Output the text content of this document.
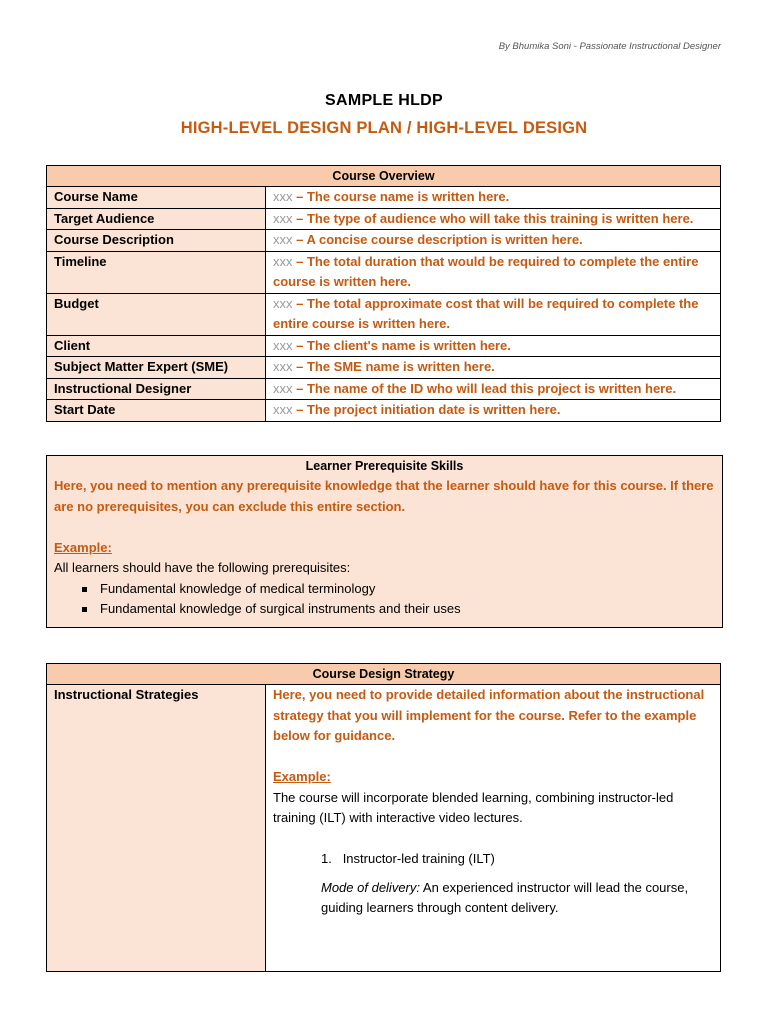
By Bhumika Soni - Passionate Instructional Designer
SAMPLE HLDP
HIGH-LEVEL DESIGN PLAN / HIGH-LEVEL DESIGN
Course Overview	
Course Name	xxx – The course name is written here.
Target Audience	xxx – The type of audience who will take this training is written here.
Course Description	xxx – A concise course description is written here.
Timeline	xxx – The total duration that would be required to complete the entire course is written here.
Budget	xxx – The total approximate cost that will be required to complete the entire course is written here.
Client	xxx – The client's name is written here.
Subject Matter Expert (SME)	xxx – The SME name is written here.
Instructional Designer	xxx – The name of the ID who will lead this project is written here.
Start Date	xxx – The project initiation date is written here.
Learner Prerequisite Skills
Here, you need to mention any prerequisite knowledge that the learner should have for this course. If there are no prerequisites, you can exclude this entire section.
Example:
All learners should have the following prerequisites:
Fundamental knowledge of medical terminology
Fundamental knowledge of surgical instruments and their uses
Course Design Strategy
Instructional Strategies	Here, you need to provide detailed information about the instructional strategy that you will implement for the course. Refer to the example below for guidance.
Example:
The course will incorporate blended learning, combining instructor-led training (ILT) with interactive video lectures.
1. Instructor-led training (ILT)
Mode of delivery: An experienced instructor will lead the course, guiding learners through content delivery.
